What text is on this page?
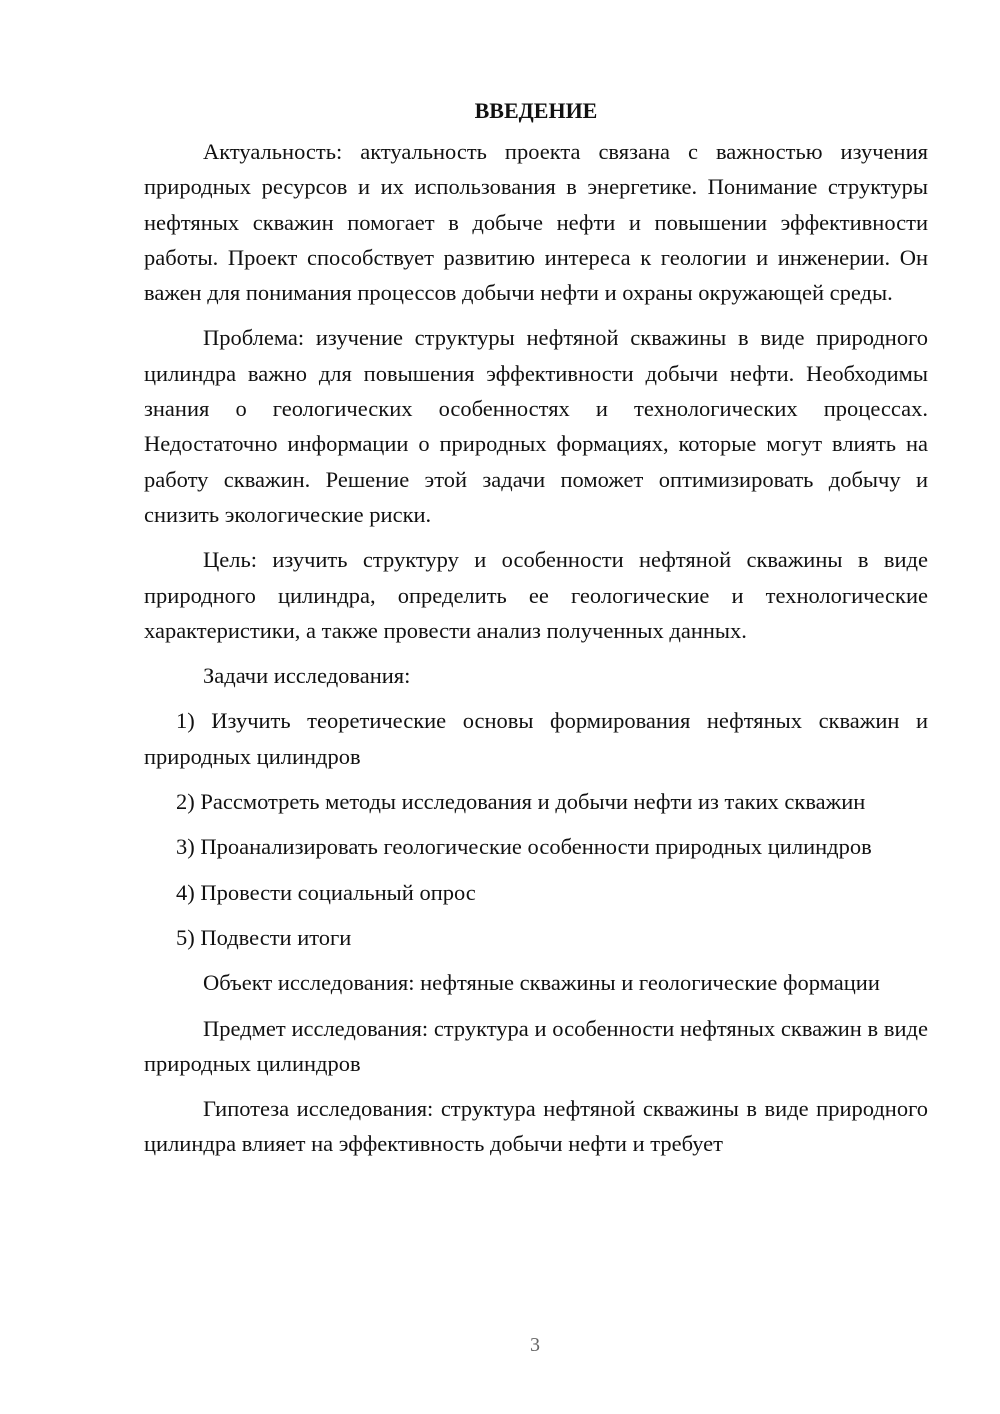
ВВЕДЕНИЕ

Актуальность: актуальность проекта связана с важностью изучения природных ресурсов и их использования в энергетике. Понимание структуры нефтяных скважин помогает в добыче нефти и повышении эффективности работы. Проект способствует развитию интереса к геологии и инженерии. Он важен для понимания процессов добычи нефти и охраны окружающей среды.

Проблема: изучение структуры нефтяной скважины в виде природного цилиндра важно для повышения эффективности добычи нефти. Необходимы знания о геологических особенностях и технологических процессах. Недостаточно информации о природных формациях, которые могут влиять на работу скважин. Решение этой задачи поможет оптимизировать добычу и снизить экологические риски.

Цель: изучить структуру и особенности нефтяной скважины в виде природного цилиндра, определить ее геологические и технологические характеристики, а также провести анализ полученных данных.

Задачи исследования:

1) Изучить теоретические основы формирования нефтяных скважин и природных цилиндров

2) Рассмотреть методы исследования и добычи нефти из таких скважин

3) Проанализировать геологические особенности природных цилиндров

4) Провести социальный опрос

5) Подвести итоги

Объект исследования: нефтяные скважины и геологические формации

Предмет исследования: структура и особенности нефтяных скважин в виде природных цилиндров

Гипотеза исследования: структура нефтяной скважины в виде природного цилиндра влияет на эффективность добычи нефти и требует

3
